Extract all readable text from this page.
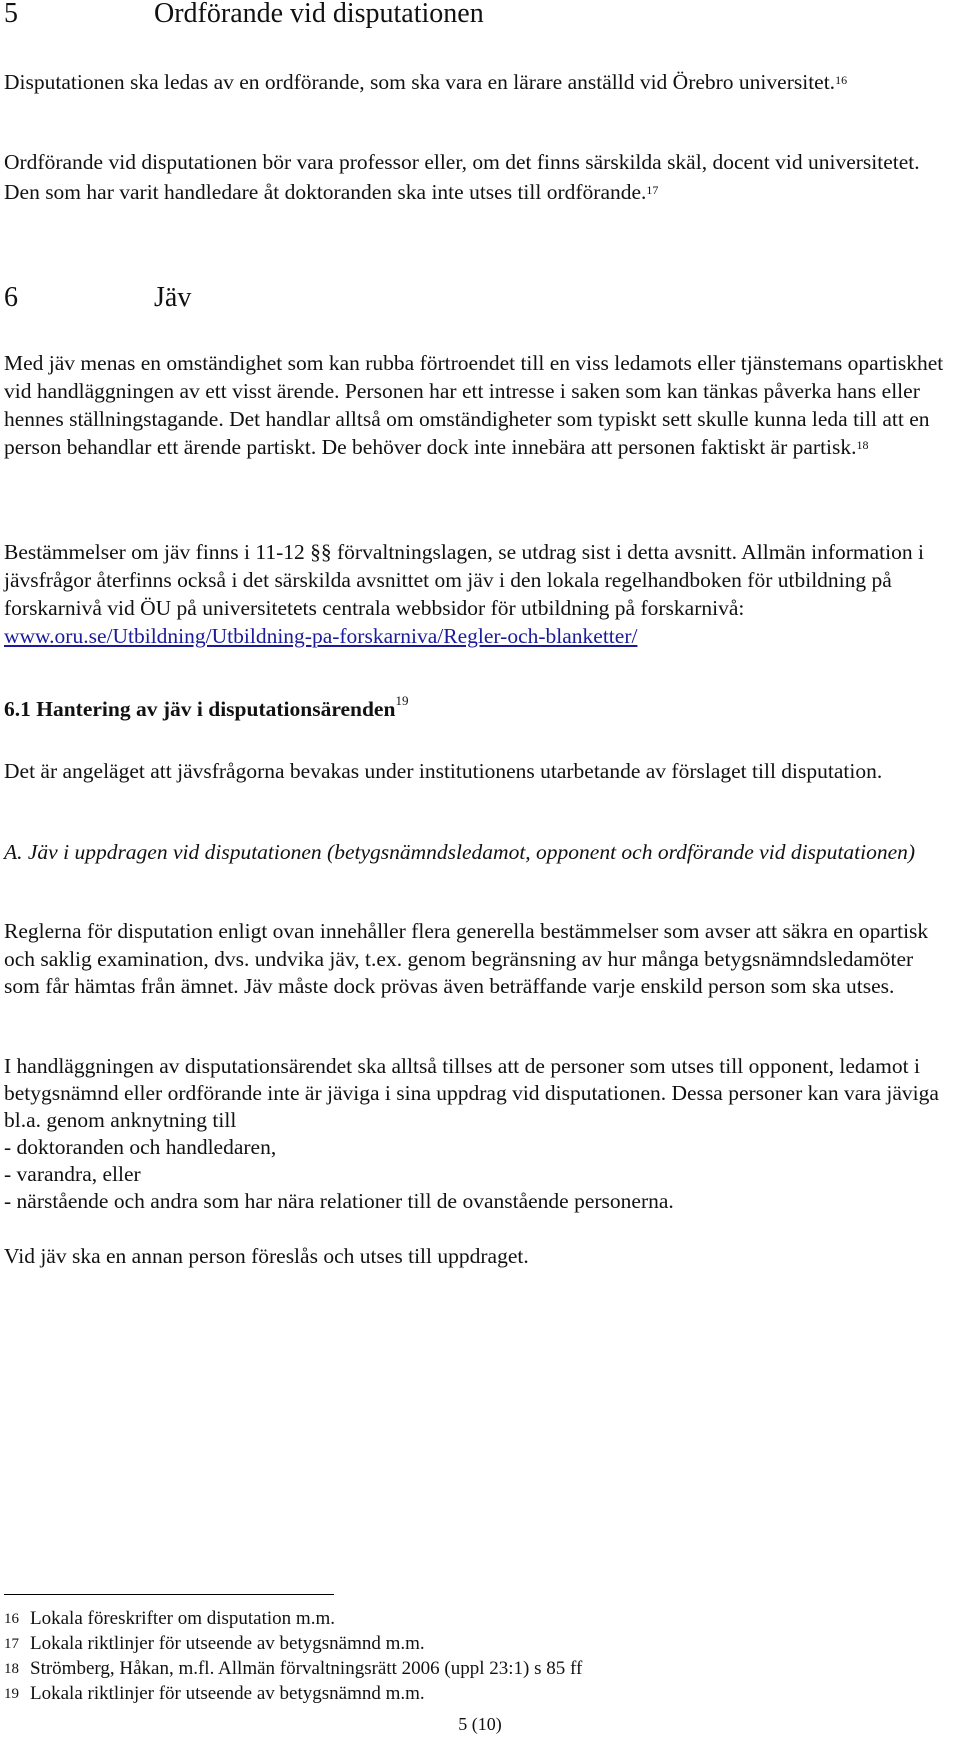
5	Ordförande vid disputationen

Disputationen ska ledas av en ordförande, som ska vara en lärare anställd vid Örebro universitet.$^{16}$

Ordförande vid disputationen bör vara professor eller, om det finns särskilda skäl, docent vid universitetet. Den som har varit handledare åt doktoranden ska inte utses till ordförande.$^{17}$

6	Jäv

Med jäv menas en omständighet som kan rubba förtroendet till en viss ledamots eller tjänstemans opartiskhet vid handläggningen av ett visst ärende. Personen har ett intresse i saken som kan tänkas påverka hans eller hennes ställningstagande. Det handlar alltså om omständigheter som typiskt sett skulle kunna leda till att en person behandlar ett ärende partiskt. De behöver dock inte innebära att personen faktiskt är partisk.$^{18}$

Bestämmelser om jäv finns i 11-12 §§ förvaltningslagen, se utdrag sist i detta avsnitt. Allmän information i jävsfrågor återfinns också i det särskilda avsnittet om jäv i den lokala regelhandboken för utbildning på forskarnivå vid ÖU på universitetets centrala webbsidor för utbildning på forskarnivå: www.oru.se/Utbildning/Utbildning-pa-forskarniva/Regler-och-blanketter/

6.1 Hantering av jäv i disputationsärenden$^{19}$

Det är angeläget att jävsfrågorna bevakas under institutionens utarbetande av förslaget till disputation.

A. Jäv i uppdragen vid disputationen (betygsnämndsledamot, opponent och ordförande vid disputationen)

Reglerna för disputation enligt ovan innehåller flera generella bestämmelser som avser att säkra en opartisk och saklig examination, dvs. undvika jäv, t.ex. genom begränsning av hur många betygsnämndsledamöter som får hämtas från ämnet. Jäv måste dock prövas även beträffande varje enskild person som ska utses.

I handläggningen av disputationsärendet ska alltså tillses att de personer som utses till opponent, ledamot i betygsnämnd eller ordförande inte är jäviga i sina uppdrag vid disputationen. Dessa personer kan vara jäviga bl.a. genom anknytning till
- doktoranden och handledaren,
- varandra, eller
- närstående och andra som har nära relationer till de ovanstående personerna.

Vid jäv ska en annan person föreslås och utses till uppdraget.

16 Lokala föreskrifter om disputation m.m.
17 Lokala riktlinjer för utseende av betygsnämnd m.m.
18 Strömberg, Håkan, m.fl. Allmän förvaltningsrätt 2006 (uppl 23:1) s 85 ff
19 Lokala riktlinjer för utseende av betygsnämnd m.m.
5 (10)
